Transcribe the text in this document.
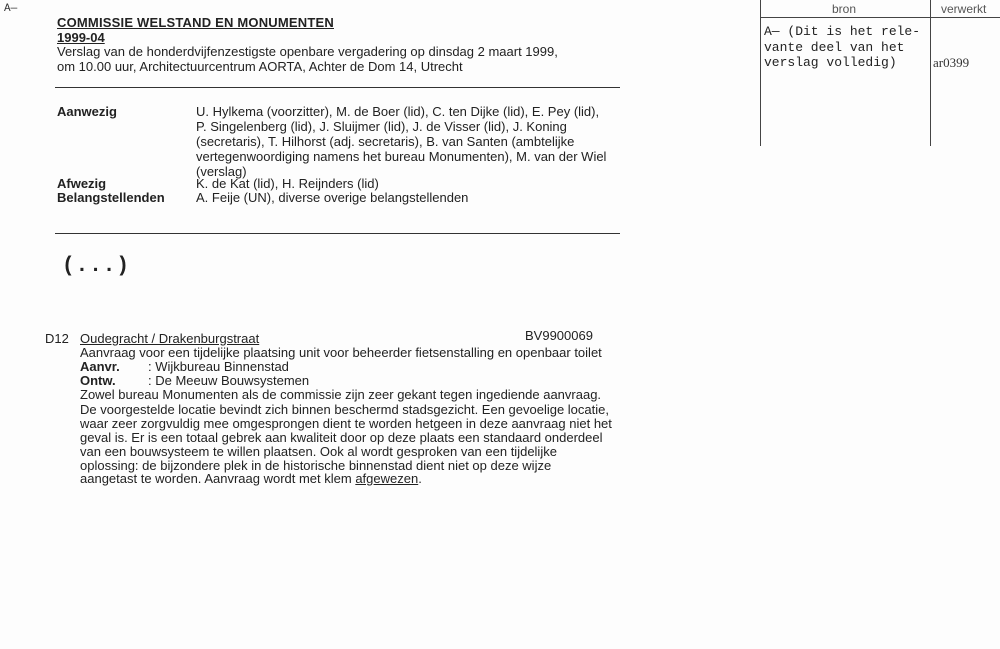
A—
COMMISSIE WELSTAND EN MONUMENTEN
1999-04
Verslag van de honderdvijfenzestigste openbare vergadering op dinsdag 2 maart 1999,
om 10.00 uur, Architectuurcentrum AORTA, Achter de Dom 14, Utrecht
Aanwezig	U. Hylkema (voorzitter), M. de Boer (lid), C. ten Dijke (lid), E. Pey (lid),
P. Singelenberg (lid), J. Sluijmer (lid), J. de Visser (lid), J. Koning
(secretaris), T. Hilhorst (adj. secretaris), B. van Santen (ambtelijke
vertegenwoordiging namens het bureau Monumenten), M. van der Wiel
(verslag)
Afwezig	K. de Kat (lid), H. Reijnders (lid)
Belangstellenden A. Feije (UN), diverse overige belangstellenden
(...)
D12 Oudegracht / Drakenburgstraat	BV9900069
Aanvraag voor een tijdelijke plaatsing unit voor beheerder fietsenstalling en openbaar toilet
Aanvr. : Wijkbureau Binnenstad
Ontw. : De Meeuw Bouwsystemen
Zowel bureau Monumenten als de commissie zijn zeer gekant tegen ingediende aanvraag.
De voorgestelde locatie bevindt zich binnen beschermd stadsgezicht. Een gevoelige locatie,
waar zeer zorgvuldig mee omgesprongen dient te worden hetgeen in deze aanvraag niet het
geval is. Er is een totaal gebrek aan kwaliteit door op deze plaats een standaard onderdeel
van een bouwsysteem te willen plaatsen. Ook al wordt gesproken van een tijdelijke
oplossing: de bijzondere plek in de historische binnenstad dient niet op deze wijze
aangetast te worden. Aanvraag wordt met klem afgewezen.
bron	verwerkt
A— (Dit is het rele-
vante deel van het
verslag volledig)	ar0399
